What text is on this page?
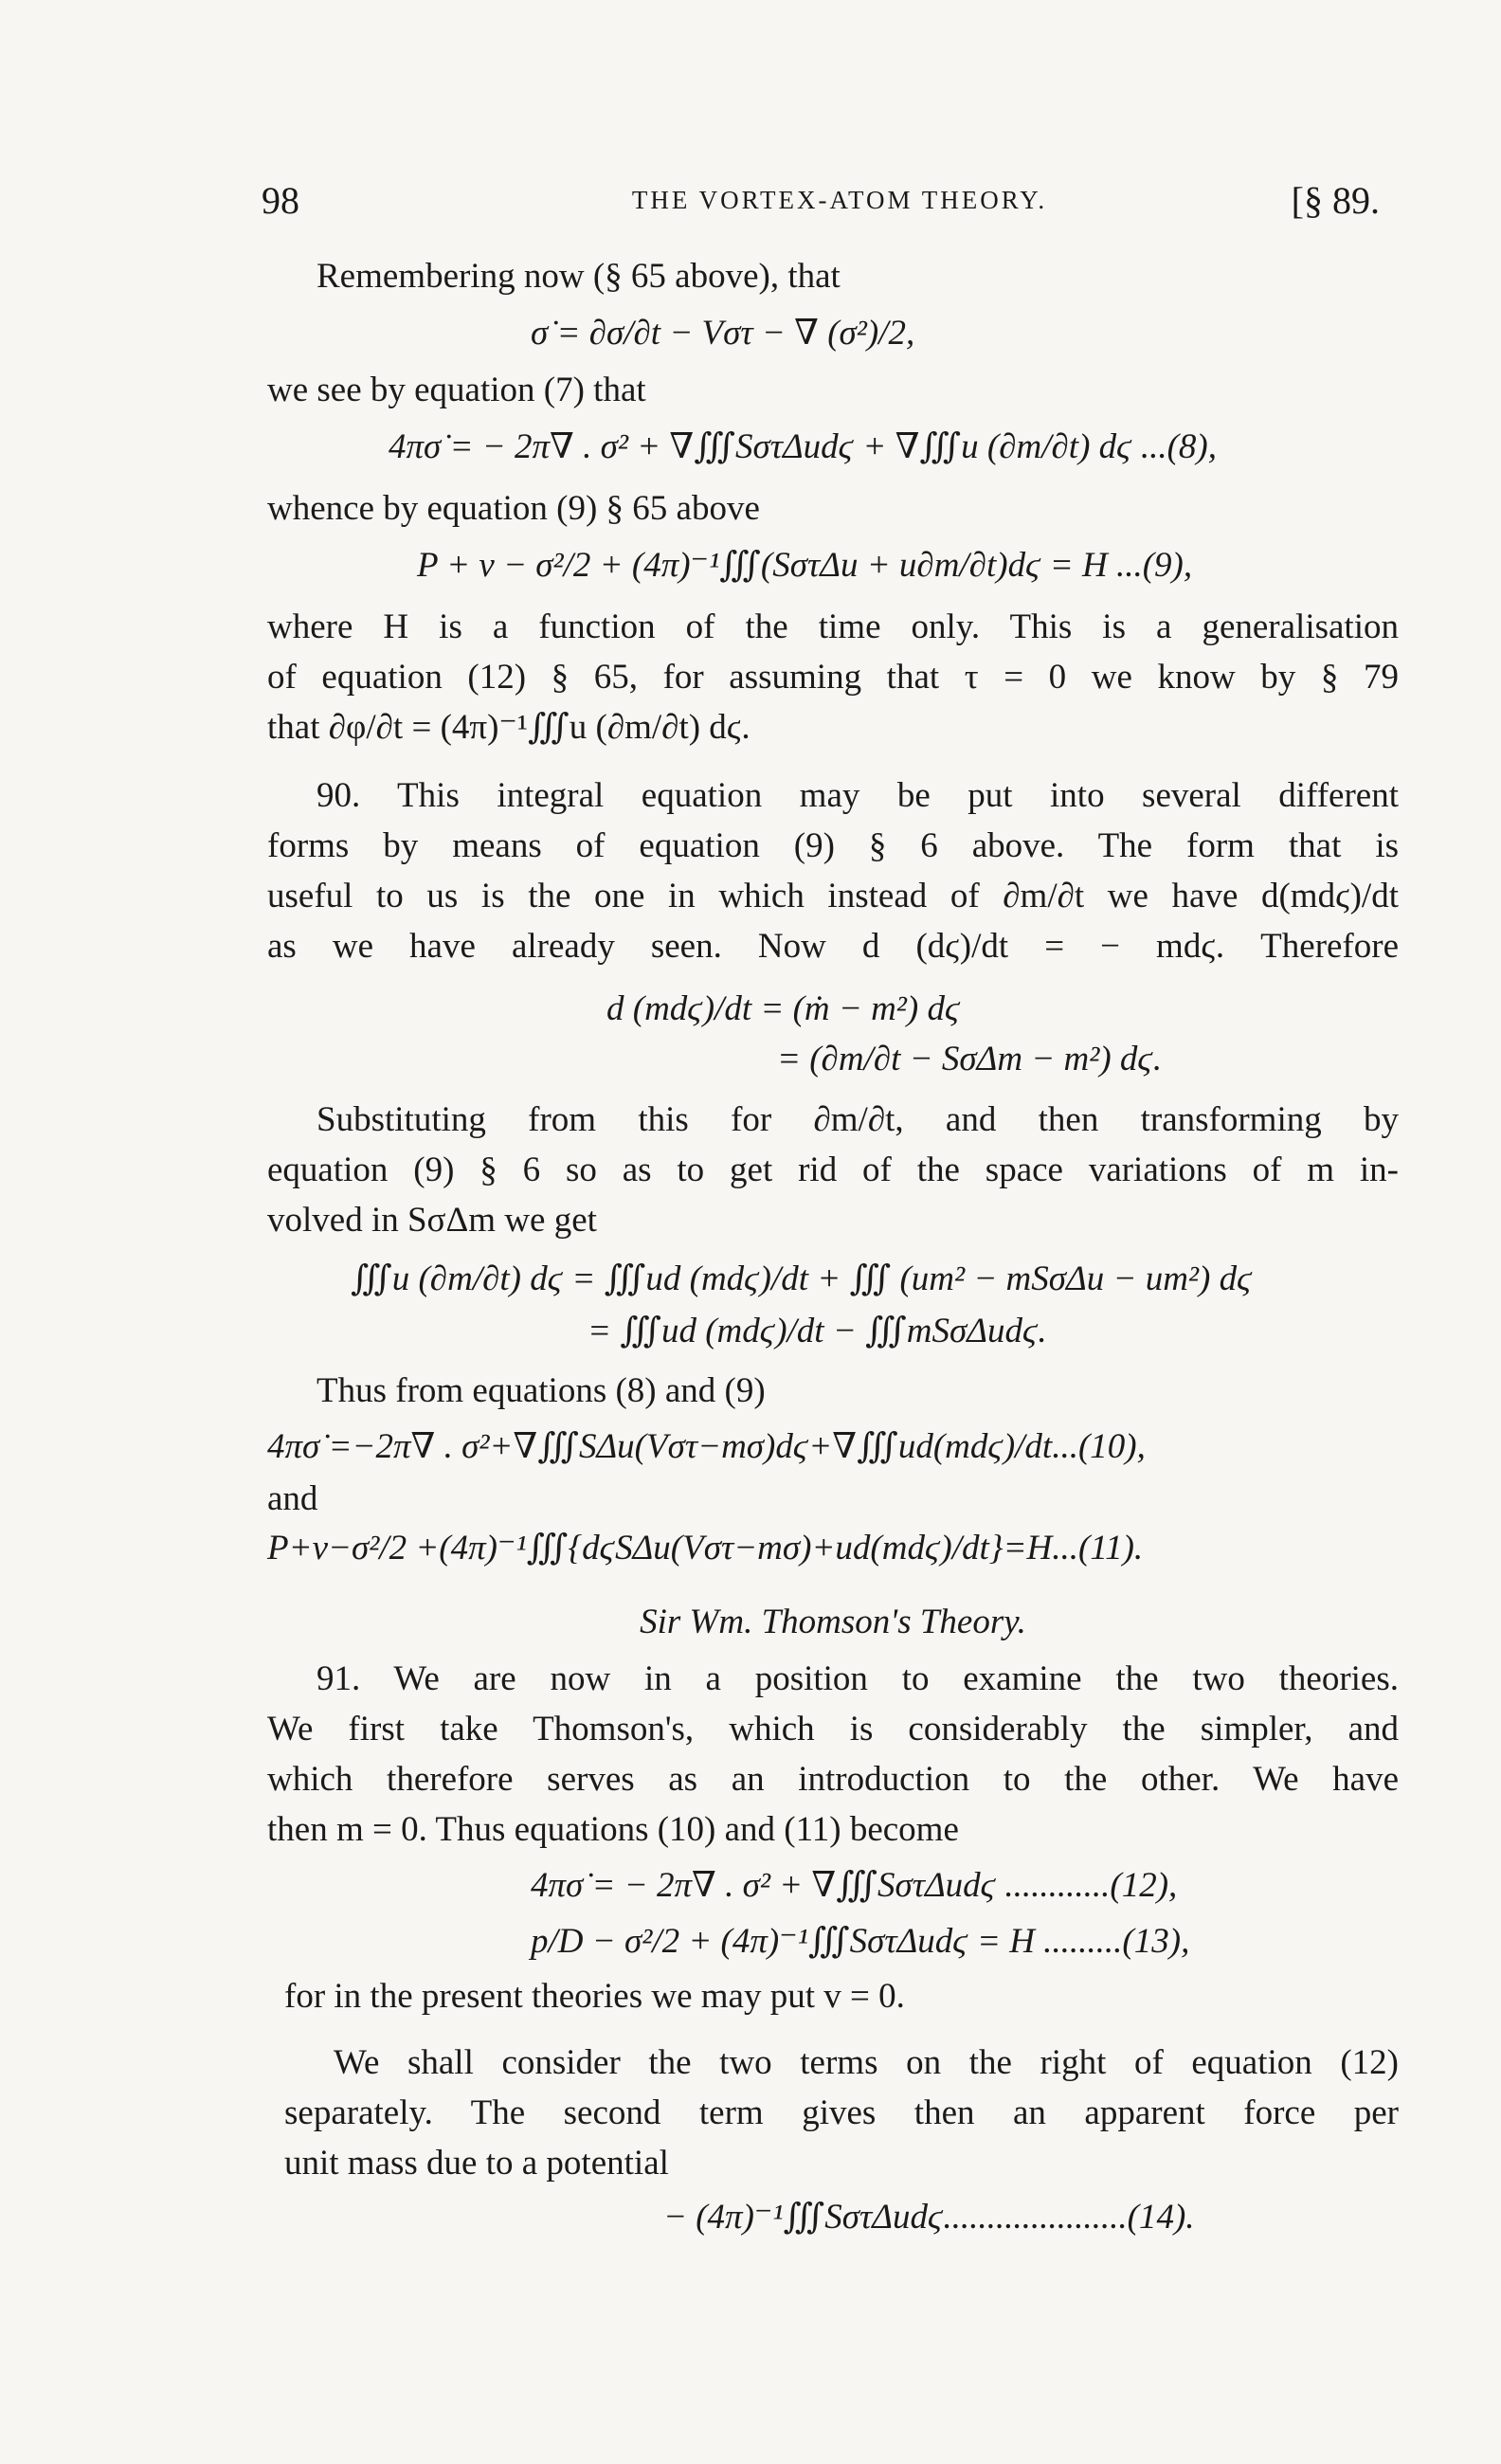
98	THE VORTEX-ATOM THEORY.	[§ 89.
Remembering now (§ 65 above), that
σ̇ = ∂σ/∂t − Vστ − ∇ (σ²)/2,
we see by equation (7) that
4πσ̇ = − 2π∇ . σ² + ∇∭SστΔudϛ + ∇∭u (∂m/∂t) dϛ ...(8),
whence by equation (9) § 65 above
P + v − σ²/2 + (4π)⁻¹∭(SστΔu + u∂m/∂t)dϛ = H ...(9),
where H is a function of the time only. This is a generalisation
of equation (12) § 65, for assuming that τ = 0 we know by § 79
that ∂φ/∂t = (4π)⁻¹∭u (∂m/∂t) dϛ.
90. This integral equation may be put into several different
forms by means of equation (9) § 6 above. The form that is
useful to us is the one in which instead of ∂m/∂t we have d(mdϛ)/dt
as we have already seen. Now d (dϛ)/dt = − mdϛ. Therefore
d (mdϛ)/dt = (ṁ − m²) dϛ
= (∂m/∂t − SσΔm − m²) dϛ.
Substituting from this for ∂m/∂t, and then transforming by
equation (9) § 6 so as to get rid of the space variations of m in-
volved in SσΔm we get
∭u (∂m/∂t) dϛ = ∭ud (mdϛ)/dt + ∭ (um² − mSσΔu − um²) dϛ
= ∭ud (mdϛ)/dt − ∭mSσΔudϛ.
Thus from equations (8) and (9)
4πσ̇ =−2π∇ . σ²+∇∭SΔu(Vστ−mσ)dϛ+∇∭ud(mdϛ)/dt...(10),
and
P+v−σ²/2 +(4π)⁻¹∭{dϛSΔu(Vστ−mσ)+ud(mdϛ)/dt}=H...(11).
Sir Wm. Thomson's Theory.
91. We are now in a position to examine the two theories.
We first take Thomson's, which is considerably the simpler, and
which therefore serves as an introduction to the other. We have
then m = 0. Thus equations (10) and (11) become
4πσ̇ = − 2π∇ . σ² + ∇∭SστΔudϛ ............(12),
p/D − σ²/2 + (4π)⁻¹∭SστΔudϛ = H .........(13),
for in the present theories we may put v = 0.
We shall consider the two terms on the right of equation (12)
separately. The second term gives then an apparent force per
unit mass due to a potential
− (4π)⁻¹∭SστΔudϛ.....................(14).
